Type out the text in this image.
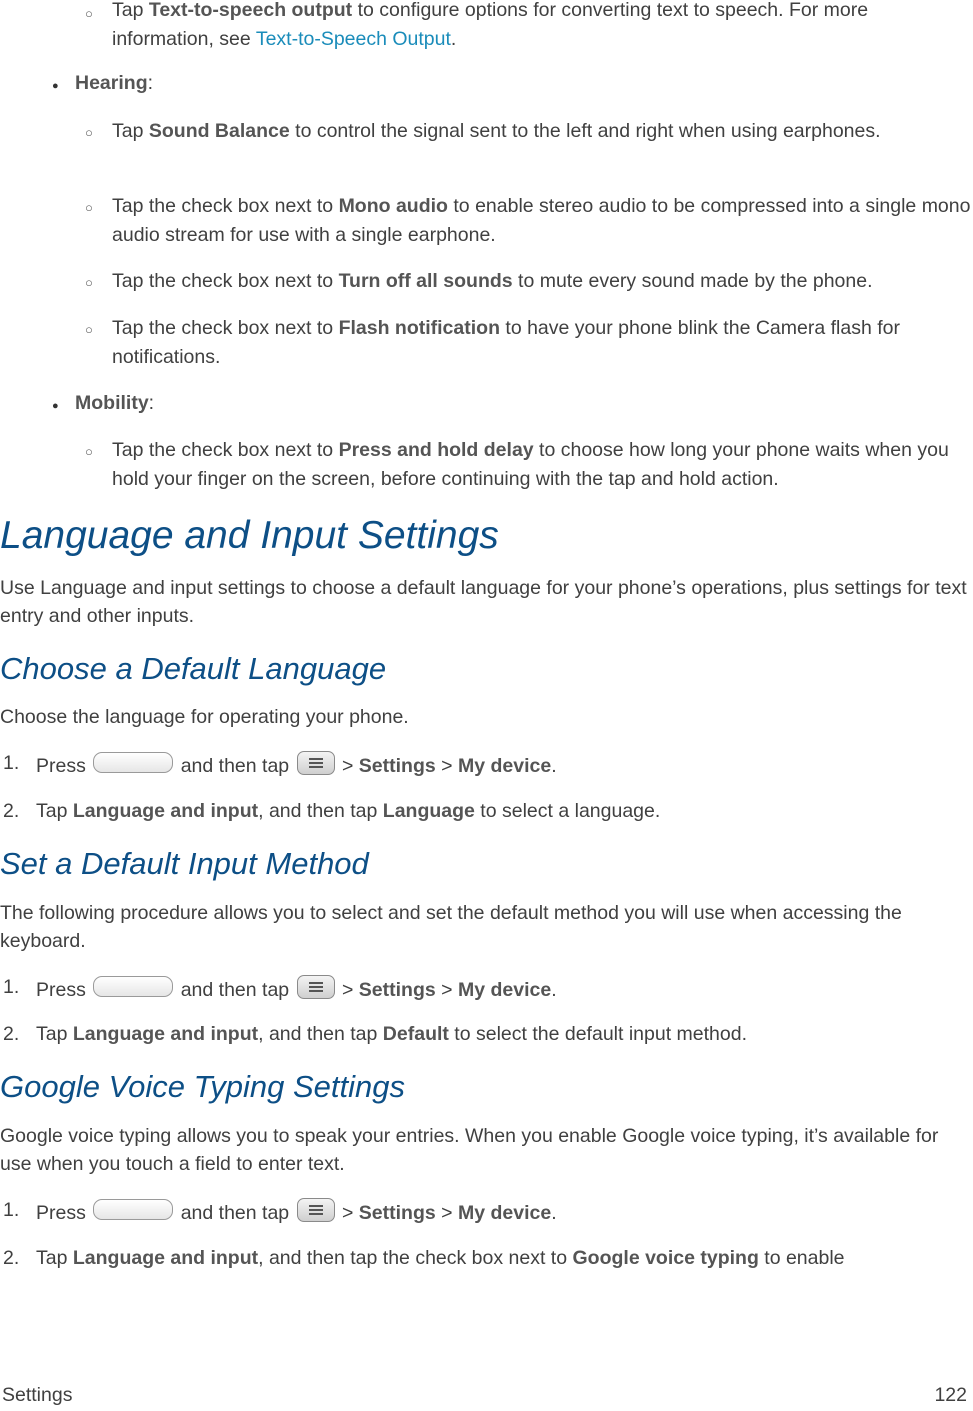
○ Tap Text-to-speech output to configure options for converting text to speech. For more information, see Text-to-Speech Output.
● Hearing:
○ Tap Sound Balance to control the signal sent to the left and right when using earphones.
○ Tap the check box next to Mono audio to enable stereo audio to be compressed into a single mono audio stream for use with a single earphone.
○ Tap the check box next to Turn off all sounds to mute every sound made by the phone.
○ Tap the check box next to Flash notification to have your phone blink the Camera flash for notifications.
● Mobility:
○ Tap the check box next to Press and hold delay to choose how long your phone waits when you hold your finger on the screen, before continuing with the tap and hold action.
Language and Input Settings
Use Language and input settings to choose a default language for your phone’s operations, plus settings for text entry and other inputs.
Choose a Default Language
Choose the language for operating your phone.
1. Press	and then tap	> Settings > My device.
2. Tap Language and input, and then tap Language to select a language.
Set a Default Input Method
The following procedure allows you to select and set the default method you will use when accessing the keyboard.
1. Press	and then tap	> Settings > My device.
2. Tap Language and input, and then tap Default to select the default input method.
Google Voice Typing Settings
Google voice typing allows you to speak your entries. When you enable Google voice typing, it’s available for use when you touch a field to enter text.
1. Press	and then tap	> Settings > My device.
2. Tap Language and input, and then tap the check box next to Google voice typing to enable
Settings	122
